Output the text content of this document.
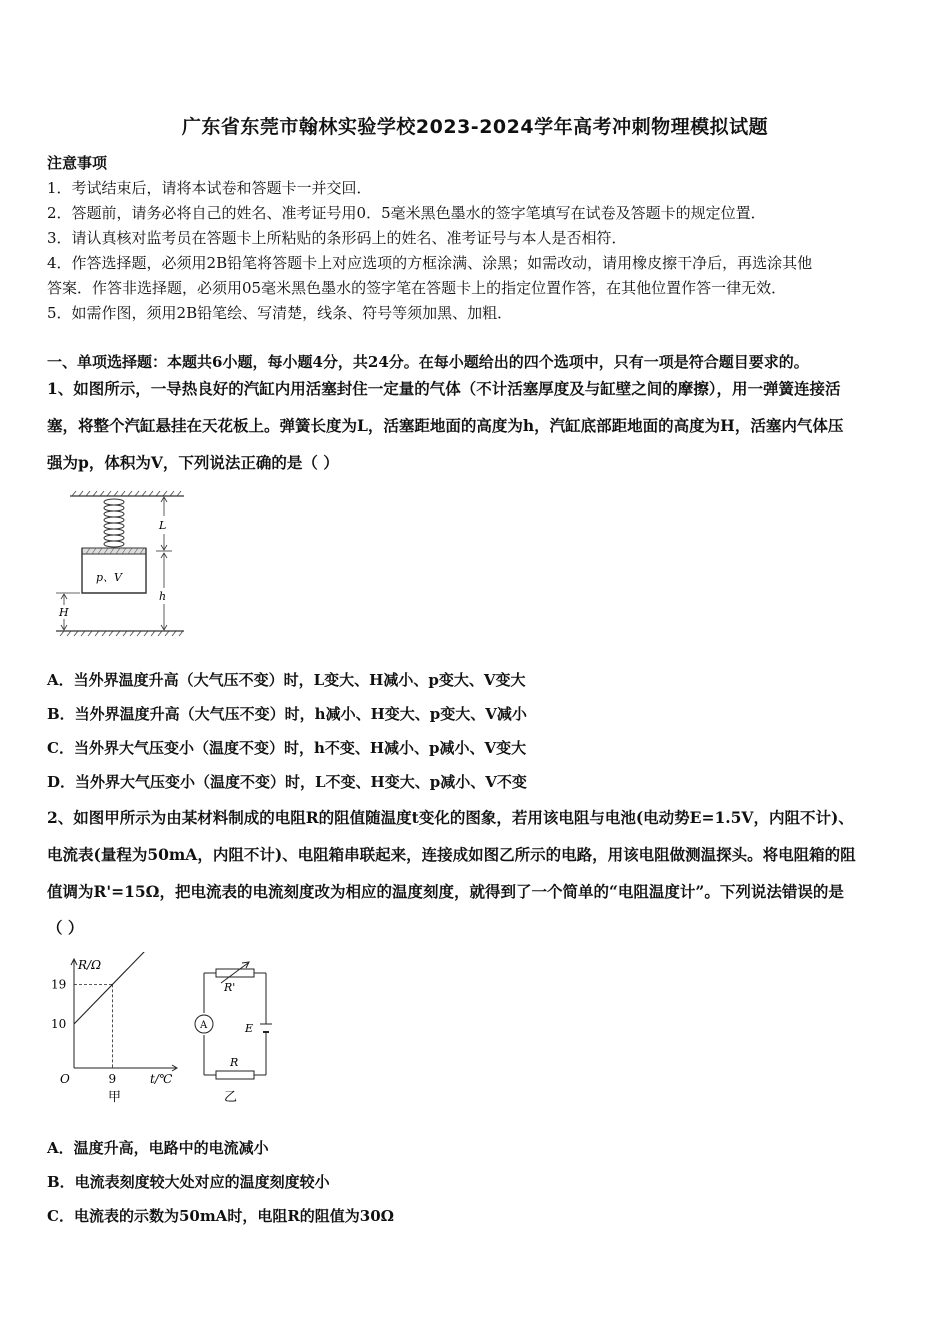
广东省东莞市翰林实验学校2023-2024学年高考冲刺物理模拟试题
注意事项
1．考试结束后，请将本试卷和答题卡一并交回．
2．答题前，请务必将自己的姓名、准考证号用0．5毫米黑色墨水的签字笔填写在试卷及答题卡的规定位置．
3．请认真核对监考员在答题卡上所粘贴的条形码上的姓名、准考证号与本人是否相符．
4．作答选择题，必须用2B铅笔将答题卡上对应选项的方框涂满、涂黑；如需改动，请用橡皮擦干净后，再选涂其他
答案．作答非选择题，必须用05毫米黑色墨水的签字笔在答题卡上的指定位置作答，在其他位置作答一律无效．
5．如需作图，须用2B铅笔绘、写清楚，线条、符号等须加黑、加粗．
一、单项选择题：本题共6小题，每小题4分，共24分。在每小题给出的四个选项中，只有一项是符合题目要求的。
1、如图所示，一导热良好的汽缸内用活塞封住一定量的气体（不计活塞厚度及与缸壁之间的摩擦），用一弹簧连接活
塞，将整个汽缸悬挂在天花板上。弹簧长度为L，活塞距地面的高度为h，汽缸底部距地面的高度为H，活塞内气体压
强为p，体积为V，下列说法正确的是（ ）
p、V
L
h
H
A．当外界温度升高（大气压不变）时，L变大、H减小、p变大、V变大
B．当外界温度升高（大气压不变）时，h减小、H变大、p变大、V减小
C．当外界大气压变小（温度不变）时，h不变、H减小、p减小、V变大
D．当外界大气压变小（温度不变）时，L不变、H变大、p减小、V不变
2、如图甲所示为由某材料制成的电阻R的阻值随温度t变化的图象，若用该电阻与电池(电动势E=1.5V，内阻不计)、
电流表(量程为50mA，内阻不计)、电阻箱串联起来，连接成如图乙所示的电路，用该电阻做测温探头。将电阻箱的阻
值调为R'=15Ω，把电流表的电流刻度改为相应的温度刻度，就得到了一个简单的“电阻温度计”。下列说法错误的是
（ ）
R/Ω
19
10
9
O	t/℃
甲
R'
R
E
A
乙
A．温度升高，电路中的电流减小
B．电流表刻度较大处对应的温度刻度较小
C．电流表的示数为50mA时，电阻R的阻值为30Ω
